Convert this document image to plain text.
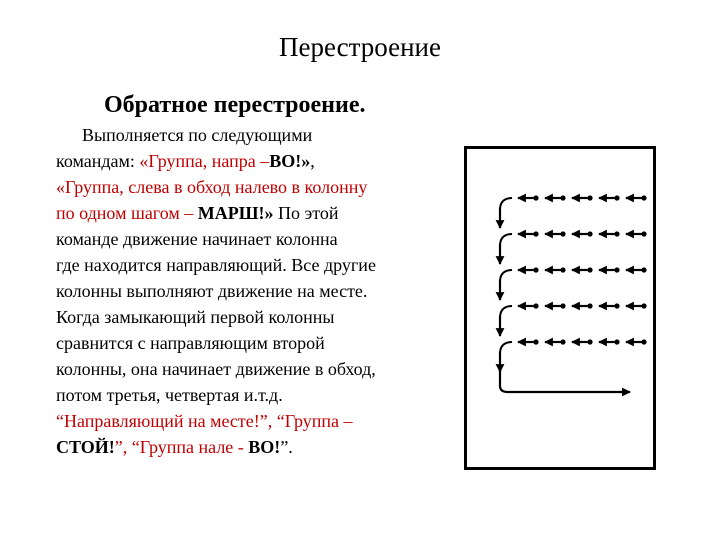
Перестроение
Обратное перестроение.
Выполняется по следующими
командам: «Группа, напра –ВО!»,
«Группа, слева в обход налево в колонну
по одном шагом – МАРШ!» По этой
команде движение начинает колонна
где находится направляющий. Все другие
колонны выполняют движение на месте.
Когда замыкающий первой колонны
сравнится с направляющим второй
колонны, она начинает движение в обход,
потом третья, четвертая и.т.д.
“Направляющий на месте!”, “Группа –
СТОЙ!”, “Группа нале - ВО!”.
